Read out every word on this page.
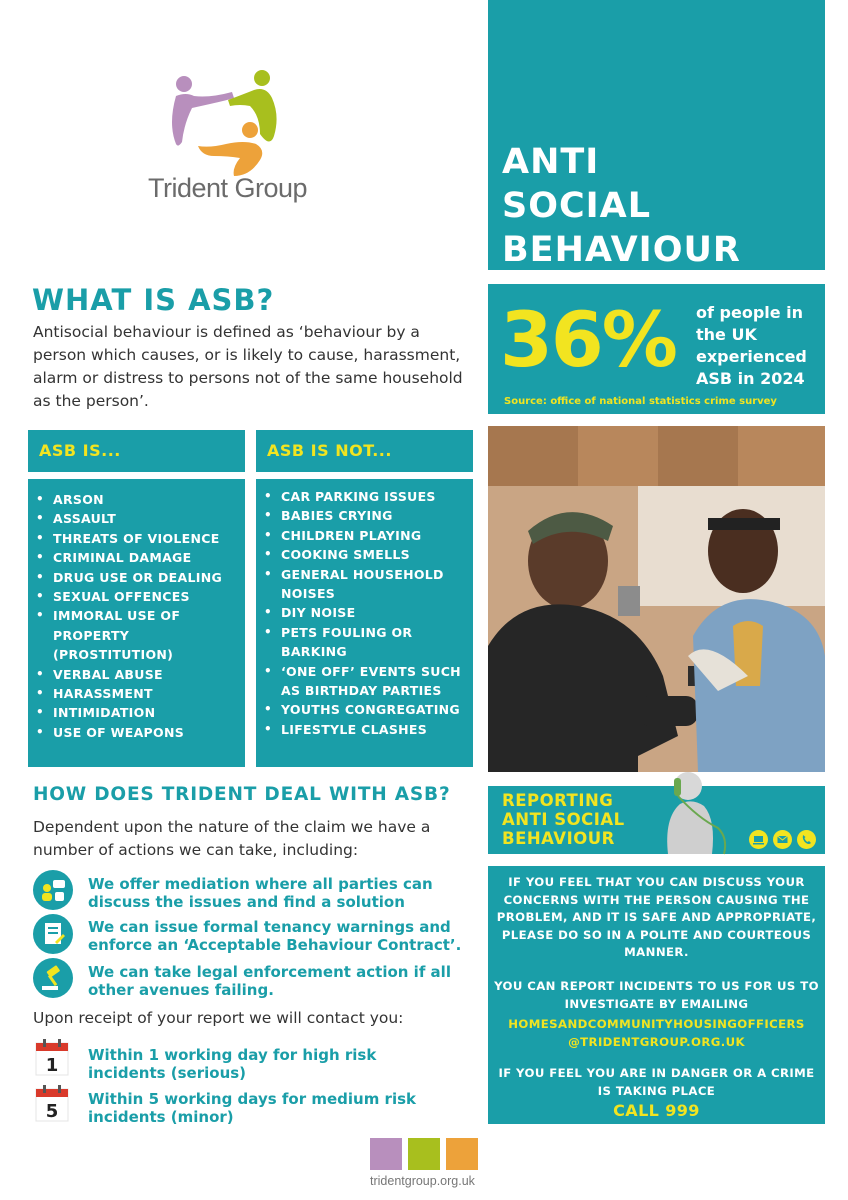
Trident Group
ANTI
SOCIAL
BEHAVIOUR
36% of people in the UK experienced ASB in 2024
Source: office of national statistics crime survey
WHAT IS ASB?
Antisocial behaviour is defined as ‘behaviour by a person which causes, or is likely to cause, harassment, alarm or distress to persons not of the same household as the person’.
ASB IS...
• ARSON
• ASSAULT
• THREATS OF VIOLENCE
• CRIMINAL DAMAGE
• DRUG USE OR DEALING
• SEXUAL OFFENCES
• IMMORAL USE OF PROPERTY (PROSTITUTION)
• VERBAL ABUSE
• HARASSMENT
• INTIMIDATION
• USE OF WEAPONS
ASB IS NOT...
• CAR PARKING ISSUES
• BABIES CRYING
• CHILDREN PLAYING
• COOKING SMELLS
• GENERAL HOUSEHOLD NOISES
• DIY NOISE
• PETS FOULING OR BARKING
• ‘ONE OFF’ EVENTS SUCH AS BIRTHDAY PARTIES
• YOUTHS CONGREGATING
• LIFESTYLE CLASHES
HOW DOES TRIDENT DEAL WITH ASB?
Dependent upon the nature of the claim we have a number of actions we can take, including:
We offer mediation where all parties can discuss the issues and find a solution
We can issue formal tenancy warnings and enforce an ‘Acceptable Behaviour Contract’.
We can take legal enforcement action if all other avenues failing.
Upon receipt of your report we will contact you:
1 Within 1 working day for high risk incidents (serious)
5
Within 5 working days for medium risk incidents (minor)
REPORTING ANTI SOCIAL BEHAVIOUR
IF YOU FEEL THAT YOU CAN DISCUSS YOUR CONCERNS WITH THE PERSON CAUSING THE PROBLEM, AND IT IS SAFE AND APPROPRIATE, PLEASE DO SO IN A POLITE AND COURTEOUS MANNER.
YOU CAN REPORT INCIDENTS TO US FOR US TO INVESTIGATE BY EMAILING
HOMESANDCOMMUNITYHOUSINGOFFICERS
@TRIDENTGROUP.ORG.UK
IF YOU FEEL YOU ARE IN DANGER OR A CRIME IS TAKING PLACE
CALL 999
tridentgroup.org.uk
